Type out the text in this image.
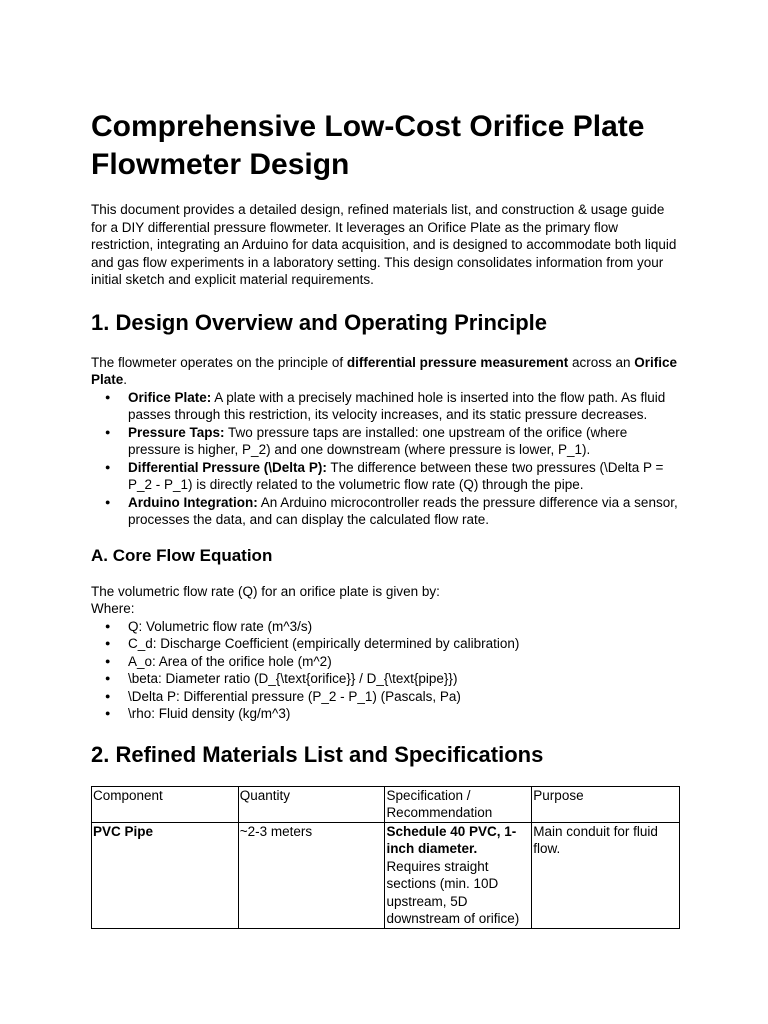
Comprehensive Low-Cost Orifice Plate Flowmeter Design

This document provides a detailed design, refined materials list, and construction & usage guide for a DIY differential pressure flowmeter. It leverages an Orifice Plate as the primary flow restriction, integrating an Arduino for data acquisition, and is designed to accommodate both liquid and gas flow experiments in a laboratory setting. This design consolidates information from your initial sketch and explicit material requirements.

1. Design Overview and Operating Principle

The flowmeter operates on the principle of differential pressure measurement across an Orifice Plate.

● Orifice Plate: A plate with a precisely machined hole is inserted into the flow path. As fluid passes through this restriction, its velocity increases, and its static pressure decreases.
● Pressure Taps: Two pressure taps are installed: one upstream of the orifice (where pressure is higher, P_2) and one downstream (where pressure is lower, P_1).
● Differential Pressure (\Delta P): The difference between these two pressures (\Delta P = P_2 - P_1) is directly related to the volumetric flow rate (Q) through the pipe.
● Arduino Integration: An Arduino microcontroller reads the pressure difference via a sensor, processes the data, and can display the calculated flow rate.
A. Core Flow Equation

The volumetric flow rate (Q) for an orifice plate is given by:

Where:

● Q: Volumetric flow rate (m^3/s)
● C_d: Discharge Coefficient (empirically determined by calibration)
● A_o: Area of the orifice hole (m^2)
● \beta: Diameter ratio (D_{\text{orifice}} / D_{\text{pipe}})
● \Delta P: Differential pressure (P_2 - P_1) (Pascals, Pa)
● \rho: Fluid density (kg/m^3)
2. Refined Materials List and Specifications
Component	Quantity	Specification / Recommendation	Purpose
PVC Pipe	~2-3 meters	Schedule 40 PVC, 1-inch diameter. Requires straight sections (min. 10D upstream, 5D downstream of orifice)	Main conduit for fluid flow.
